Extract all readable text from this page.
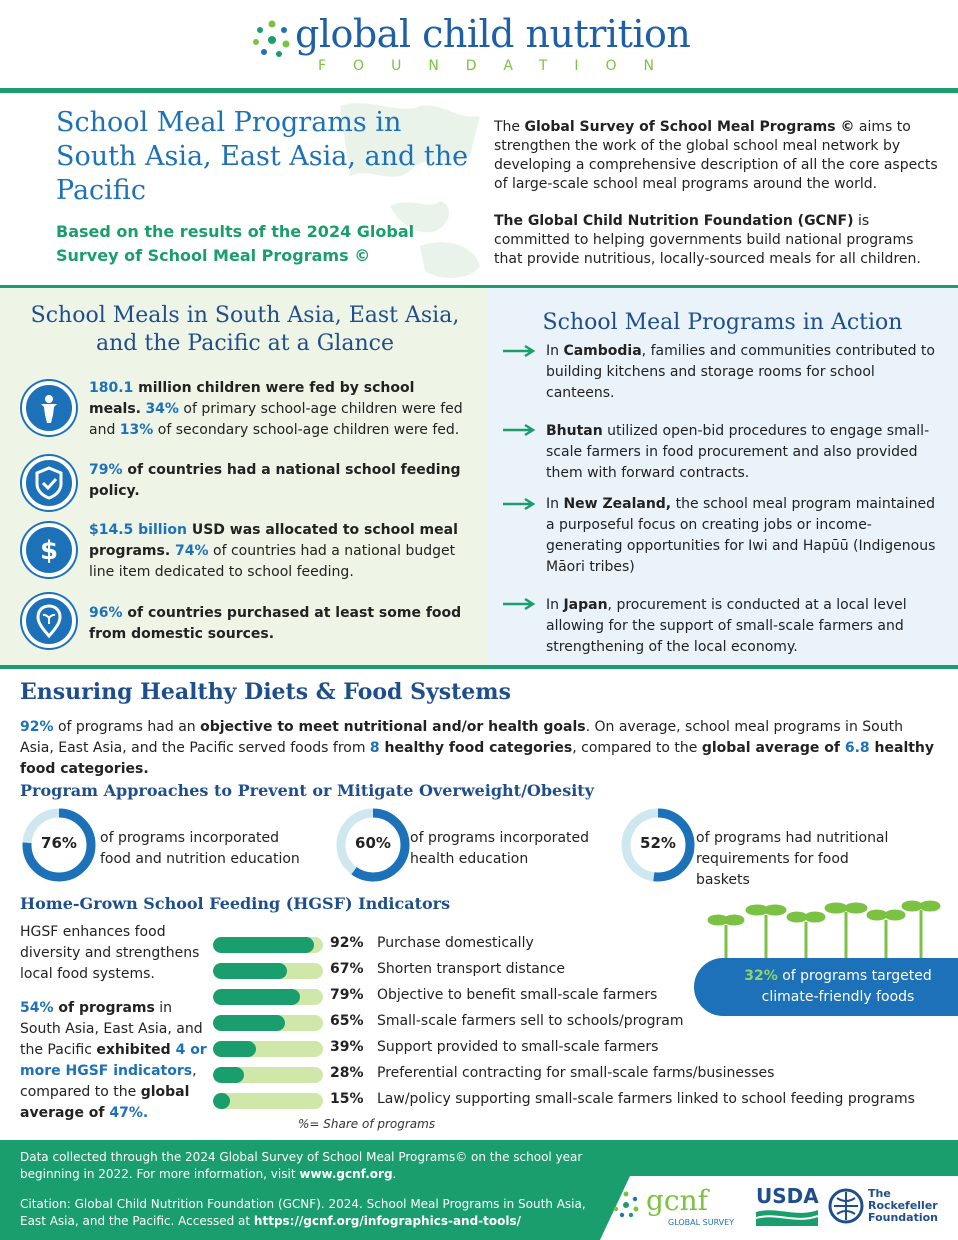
global child nutrition
FOUNDATION
School Meal Programs in South Asia, East Asia, and the Pacific
Based on the results of the 2024 Global Survey of School Meal Programs ©
The Global Survey of School Meal Programs © aims to strengthen the work of the global school meal network by developing a comprehensive description of all the core aspects of large-scale school meal programs around the world.
The Global Child Nutrition Foundation (GCNF) is committed to helping governments build national programs that provide nutritious, locally-sourced meals for all children.
School Meals in South Asia, East Asia, and the Pacific at a Glance
$
180.1 million children were fed by school meals. 34% of primary school-age children were fed and 13% of secondary school-age children were fed.
79% of countries had a national school feeding policy.
$14.5 billion USD was allocated to school meal programs. 74% of countries had a national budget line item dedicated to school feeding.
96% of countries purchased at least some food from domestic sources.
School Meal Programs in Action
In Cambodia, families and communities contributed to building kitchens and storage rooms for school canteens.
Bhutan utilized open-bid procedures to engage small-scale farmers in food procurement and also provided them with forward contracts.
In New Zealand, the school meal program maintained a purposeful focus on creating jobs or income-generating opportunities for Iwi and Hapūū (Indigenous Māori tribes)
In Japan, procurement is conducted at a local level allowing for the support of small-scale farmers and strengthening of the local economy.
Ensuring Healthy Diets & Food Systems
92% of programs had an objective to meet nutritional and/or health goals. On average, school meal programs in South Asia, East Asia, and the Pacific served foods from 8 healthy food categories, compared to the global average of 6.8 healthy food categories.
Program Approaches to Prevent or Mitigate Overweight/Obesity
76%	of programs incorporated food and nutrition education
60%	of programs incorporated health education
52%	of programs had nutritional requirements for food baskets
Home-Grown School Feeding (HGSF) Indicators
HGSF enhances food diversity and strengthens local food systems.
54% of programs in South Asia, East Asia, and the Pacific exhibited 4 or more HGSF indicators, compared to the global average of 47%.
92% Purchase domestically
67% Shorten transport distance
79% Objective to benefit small-scale farmers
65% Small-scale farmers sell to schools/program
39% Support provided to small-scale farmers
28% Preferential contracting for small-scale farms/businesses
15% Law/policy supporting small-scale farmers linked to school feeding programs
%= Share of programs
32% of programs targeted climate-friendly foods
Data collected through the 2024 Global Survey of School Meal Programs© on the school year beginning in 2022. For more information, visit www.gcnf.org.
Citation: Global Child Nutrition Foundation (GCNF). 2024. School Meal Programs in South Asia, East Asia, and the Pacific. Accessed at https://gcnf.org/infographics-and-tools/
gcnf
GLOBAL SURVEY
USDA	The
Rockefeller
Foundation
